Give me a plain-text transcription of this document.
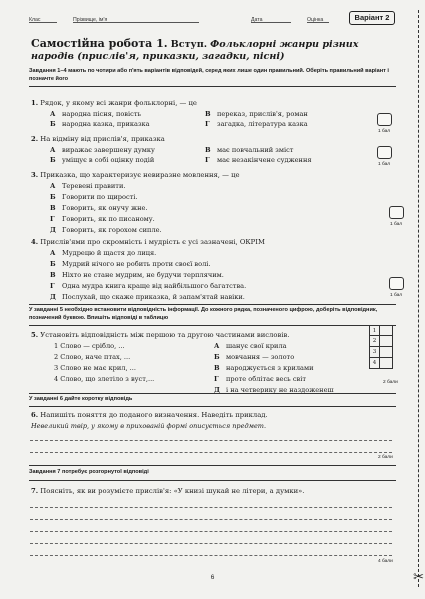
✂
Клас	Прізвище, ім'я	Дата	Оцінка	Варіант 2
Самостійна робота 1. Вступ. Фольклорні жанри різних народів (прислів'я, приказки, загадки, пісні)
Завдання 1–4 мають по чотири або п'ять варіантів відповідей, серед яких лише один правильний. Оберіть правильний варіант і позначте його
1. Рядок, у якому всі жанри фольклорні, — це
А народна пісня, повість
Б народна казка, приказка
В переказ, прислів'я, роман
Г загадка, література казка
1 бал
2. На відміну від прислів'я, приказка
А виражає завершену думку
Б уміщує в собі оцінку подій
В має повчальний зміст
Г має незакінчене судження
1 бал
3. Приказка, що характеризує невиразне мовлення, — це
А Теревені правити.
Б Говорити по щирості.
В Говорить, як онучу жне.
Г Говорить, як по писаному.
Д Говорить, як горохом сипле.
1 бал
4. Прислів'ями про скромність і мудрість є усі зазначені, ОКРІМ
А Мудрецю й щастя до лиця.
Б Мудрий нічого не робить проти своєї волі.
В Ніхто не стане мудрим, не будучи терплячим.
Г Одна мудра книга краще від найбільшого багатства.
Д Послухай, що скаже приказка, й запам'ятай навіки.	1 бал
У завданні 5 необхідно встановити відповідність інформації. До кожного рядка, позначеного цифрою, доберіть відповідник, позначений буквою. Впишіть відповіді в таблицю
5. Установіть відповідність між першою та другою частинами висловів.
1 Слово — срібло, ...
2 Слово, наче птах, ...
3 Слово не має крил, ...
4 Слово, що злетіло з вуст,...
А шанує свої крила
Б мовчання — золото
В народжується з крилами
Г проте облітає весь світ
Д і на четверику не наздоженеш
1
2
3
4
2 бали
У завданні 6 дайте коротку відповідь
6. Напишіть поняття до поданого визначення. Наведіть приклад.
Невеликий твір, у якому в прихованій формі описується предмет.
2 бали
Завдання 7 потребує розгорнутої відповіді
7. Поясніть, як ви розумієте прислів'я: «У книзі шукай не літери, а думки».
4 бали
6
